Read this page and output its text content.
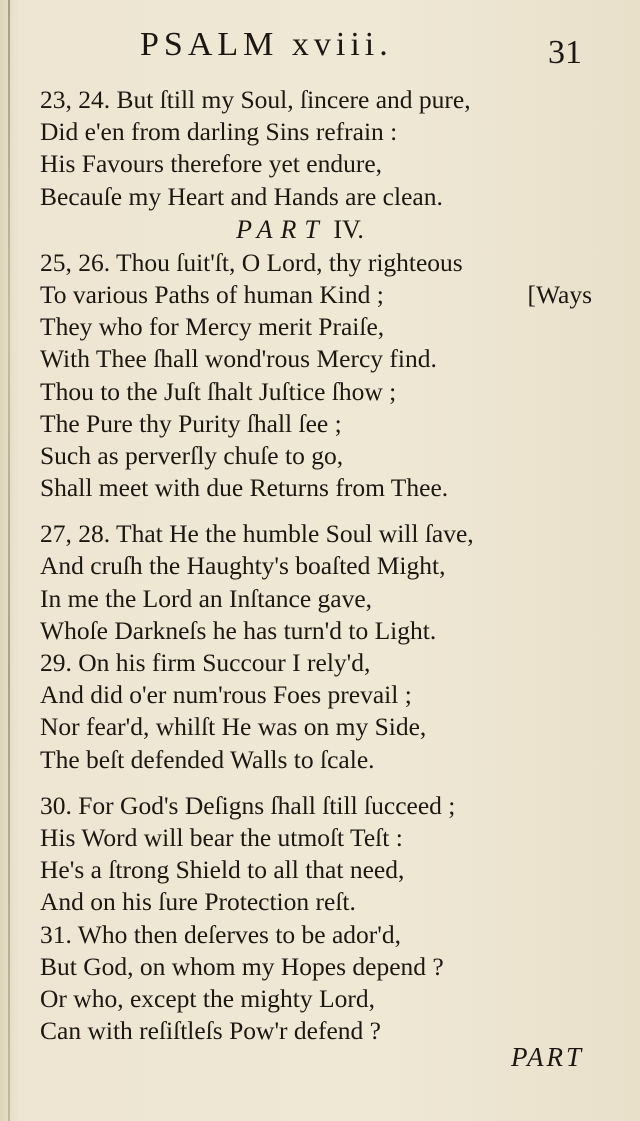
PSALM xviii.	31
23, 24. But ſtill my Soul, ſincere and pure,
Did e'en from darling Sins refrain :
His Favours therefore yet endure,
Becauſe my Heart and Hands are clean.
PART IV.
25, 26. Thou ſuit'ſt, O Lord, thy righteous
To various Paths of human Kind ;	[Ways
They who for Mercy merit Praiſe,
With Thee ſhall wond'rous Mercy find.
Thou to the Juſt ſhalt Juſtice ſhow ;
The Pure thy Purity ſhall ſee ;
Such as perverſly chuſe to go,
Shall meet with due Returns from Thee.
27, 28. That He the humble Soul will ſave,
And cruſh the Haughty's boaſted Might,
In me the Lord an Inſtance gave,
Whoſe Darkneſs he has turn'd to Light.
29. On his firm Succour I rely'd,
And did o'er num'rous Foes prevail ;
Nor fear'd, whilſt He was on my Side,
The beſt defended Walls to ſcale.
30. For God's Deſigns ſhall ſtill ſucceed ;
His Word will bear the utmoſt Teſt :
He's a ſtrong Shield to all that need,
And on his ſure Protection reſt.
31. Who then deſerves to be ador'd,
But God, on whom my Hopes depend ?
Or who, except the mighty Lord,
Can with reſiſtleſs Pow'r defend ?
PART
